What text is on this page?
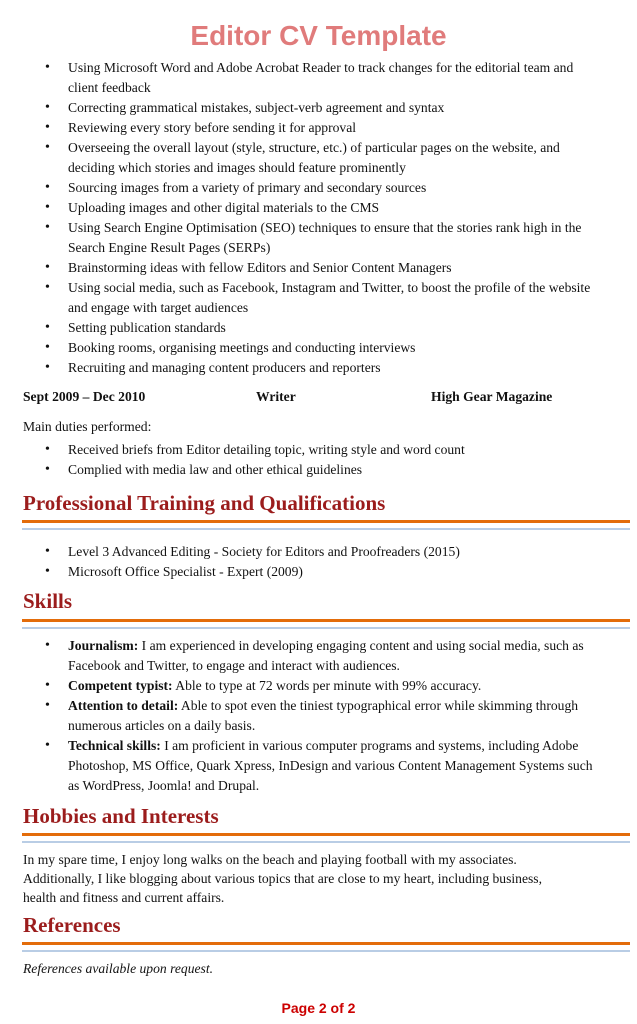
Editor CV Template
• Using Microsoft Word and Adobe Acrobat Reader to track changes for the editorial team and client feedback
• Correcting grammatical mistakes, subject-verb agreement and syntax
• Reviewing every story before sending it for approval
• Overseeing the overall layout (style, structure, etc.) of particular pages on the website, and deciding which stories and images should feature prominently
• Sourcing images from a variety of primary and secondary sources
• Uploading images and other digital materials to the CMS
• Using Search Engine Optimisation (SEO) techniques to ensure that the stories rank high in the Search Engine Result Pages (SERPs)
• Brainstorming ideas with fellow Editors and Senior Content Managers
• Using social media, such as Facebook, Instagram and Twitter, to boost the profile of the website and engage with target audiences
• Setting publication standards
• Booking rooms, organising meetings and conducting interviews
• Recruiting and managing content producers and reporters
Sept 2009 – Dec 2010	Writer	High Gear Magazine
Main duties performed:
• Received briefs from Editor detailing topic, writing style and word count
• Complied with media law and other ethical guidelines
Professional Training and Qualifications
• Level 3 Advanced Editing - Society for Editors and Proofreaders (2015)
• Microsoft Office Specialist - Expert (2009)
Skills
• Journalism: I am experienced in developing engaging content and using social media, such as Facebook and Twitter, to engage and interact with audiences.
• Competent typist: Able to type at 72 words per minute with 99% accuracy.
• Attention to detail: Able to spot even the tiniest typographical error while skimming through numerous articles on a daily basis.
• Technical skills: I am proficient in various computer programs and systems, including Adobe Photoshop, MS Office, Quark Xpress, InDesign and various Content Management Systems such as WordPress, Joomla! and Drupal.
Hobbies and Interests
In my spare time, I enjoy long walks on the beach and playing football with my associates. Additionally, I like blogging about various topics that are close to my heart, including business, health and fitness and current affairs.
References
References available upon request.
Page 2 of 2
